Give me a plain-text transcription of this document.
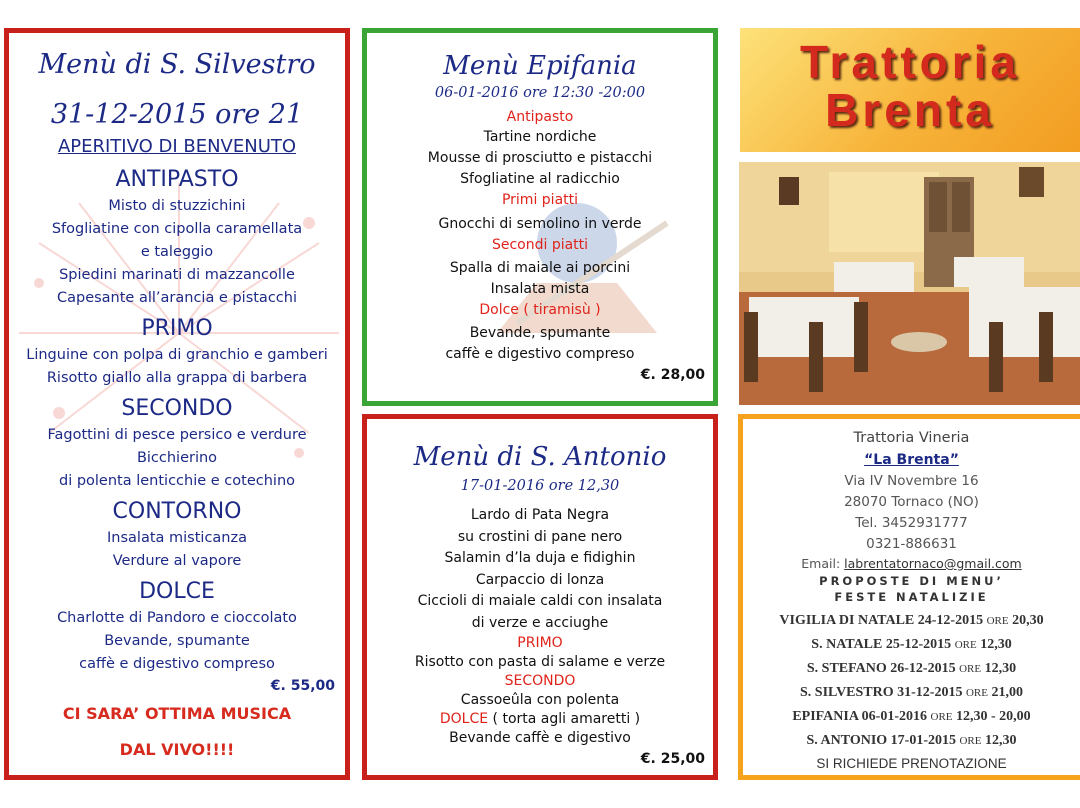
Menù di S. Silvestro
31-12-2015 ore 21
APERITIVO DI BENVENUTO
ANTIPASTO
Misto di stuzzichini
Sfogliatine con cipolla caramellata
e taleggio
Spiedini marinati di mazzancolle
Capesante all’arancia e pistacchi
PRIMO
Linguine con polpa di granchio e gamberi
Risotto giallo alla grappa di barbera
SECONDO
Fagottini di pesce persico e verdure
Bicchierino
di polenta lenticchie e cotechino
CONTORNO
Insalata misticanza
Verdure al vapore
DOLCE
Charlotte di Pandoro e cioccolato
Bevande, spumante
caffè e digestivo compreso
€. 55,00
CI SARA’ OTTIMA MUSICA
DAL VIVO!!!!
Menù Epifania
06-01-2016 ore 12:30 -20:00
Antipasto
Tartine nordiche
Mousse di prosciutto e pistacchi
Sfogliatine al radicchio
Primi piatti
Gnocchi di semolino in verde
Secondi piatti
Spalla di maiale ai porcini
Insalata mista
Dolce ( tiramisù )
Bevande, spumante
caffè e digestivo compreso
€. 28,00
Menù di S. Antonio
17-01-2016 ore 12,30
Lardo di Pata Negra
su crostini di pane nero
Salamin d’la duja e fidighin
Carpaccio di lonza
Ciccioli di maiale caldi con insalata
di verze e acciughe
PRIMO
Risotto con pasta di salame e verze
SECONDO
Cassoeûla con polenta
DOLCE ( torta agli amaretti )
Bevande caffè e digestivo
€. 25,00
Trattoria
Brenta
Trattoria Vineria
“La Brenta”
Via IV Novembre 16
28070 Tornaco (NO)
Tel. 3452931777
0321-886631
Email: labrentatornaco@gmail.com
PROPOSTE DI MENU’
FESTE NATALIZIE
VIGILIA DI NATALE 24-12-2015 ORE 20,30
S. NATALE 25-12-2015 ORE 12,30
S. STEFANO 26-12-2015 ORE 12,30
S. SILVESTRO 31-12-2015 ORE 21,00
EPIFANIA 06-01-2016 ORE 12,30 - 20,00
S. ANTONIO 17-01-2015 ORE 12,30
SI RICHIEDE PRENOTAZIONE
